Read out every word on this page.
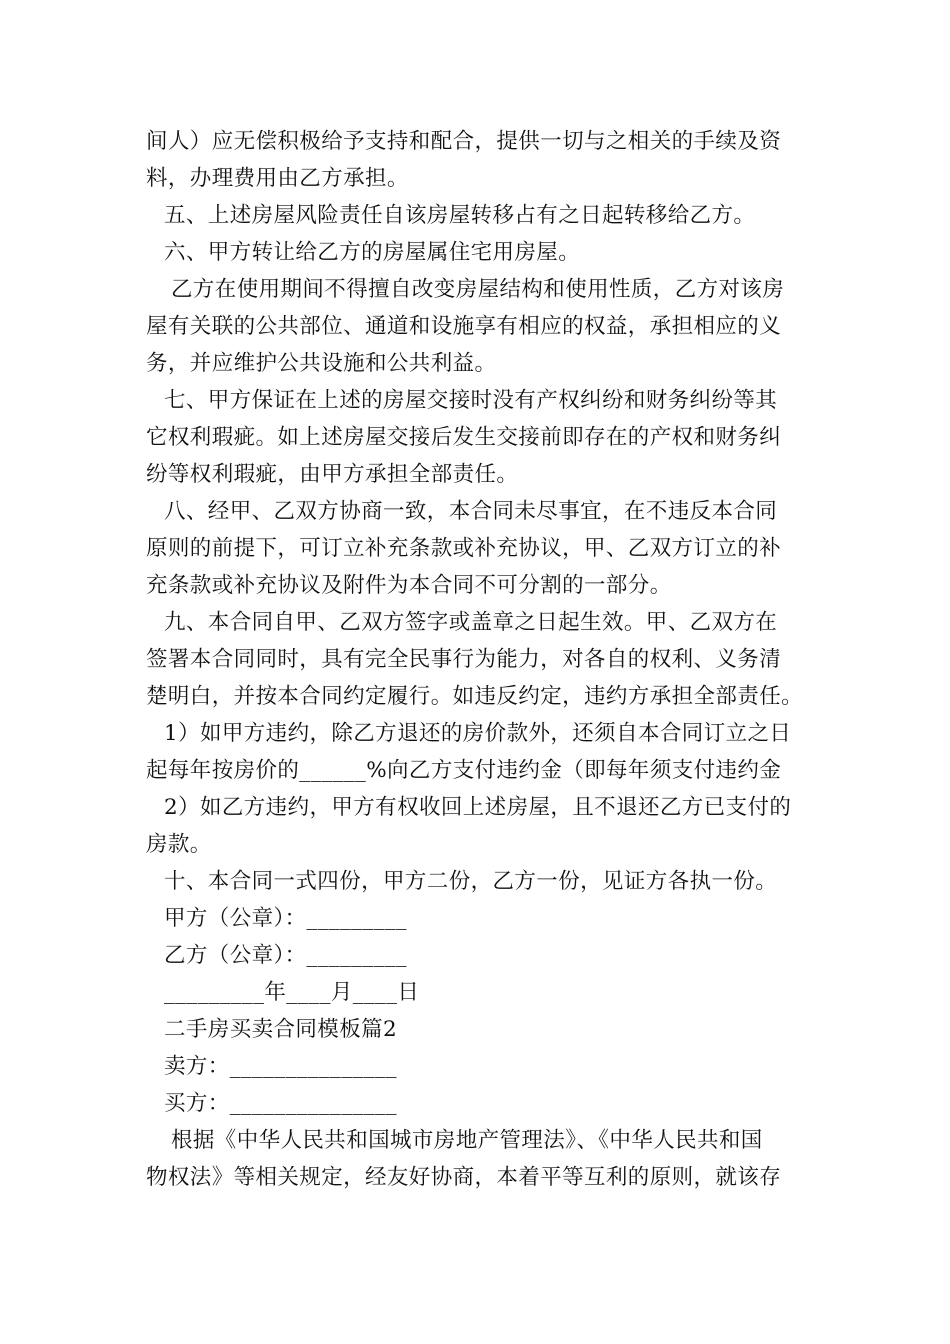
间人）应无偿积极给予支持和配合，提供一切与之相关的手续及资
料，办理费用由乙方承担。
五、上述房屋风险责任自该房屋转移占有之日起转移给乙方。
六、甲方转让给乙方的房屋属住宅用房屋。
乙方在使用期间不得擅自改变房屋结构和使用性质，乙方对该房
屋有关联的公共部位、通道和设施享有相应的权益，承担相应的义
务，并应维护公共设施和公共利益。
七、甲方保证在上述的房屋交接时没有产权纠纷和财务纠纷等其
它权利瑕疵。如上述房屋交接后发生交接前即存在的产权和财务纠
纷等权利瑕疵，由甲方承担全部责任。
八、经甲、乙双方协商一致，本合同未尽事宜，在不违反本合同
原则的前提下，可订立补充条款或补充协议，甲、乙双方订立的补
充条款或补充协议及附件为本合同不可分割的一部分。
九、本合同自甲、乙双方签字或盖章之日起生效。甲、乙双方在
签署本合同同时，具有完全民事行为能力，对各自的权利、义务清
楚明白，并按本合同约定履行。如违反约定，违约方承担全部责任。
1）如甲方违约，除乙方退还的房价款外，还须自本合同订立之日
起每年按房价的______%向乙方支付违约金（即每年须支付违约金
2）如乙方违约，甲方有权收回上述房屋，且不退还乙方已支付的
房款。
十、本合同一式四份，甲方二份，乙方一份，见证方各执一份。
甲方（公章）：_________
乙方（公章）：_________
_________年____月____日
二手房买卖合同模板篇2
卖方：_______________
买方：_______________
根据《中华人民共和国城市房地产管理法》、《中华人民共和国
物权法》等相关规定，经友好协商，本着平等互利的原则，就该存
